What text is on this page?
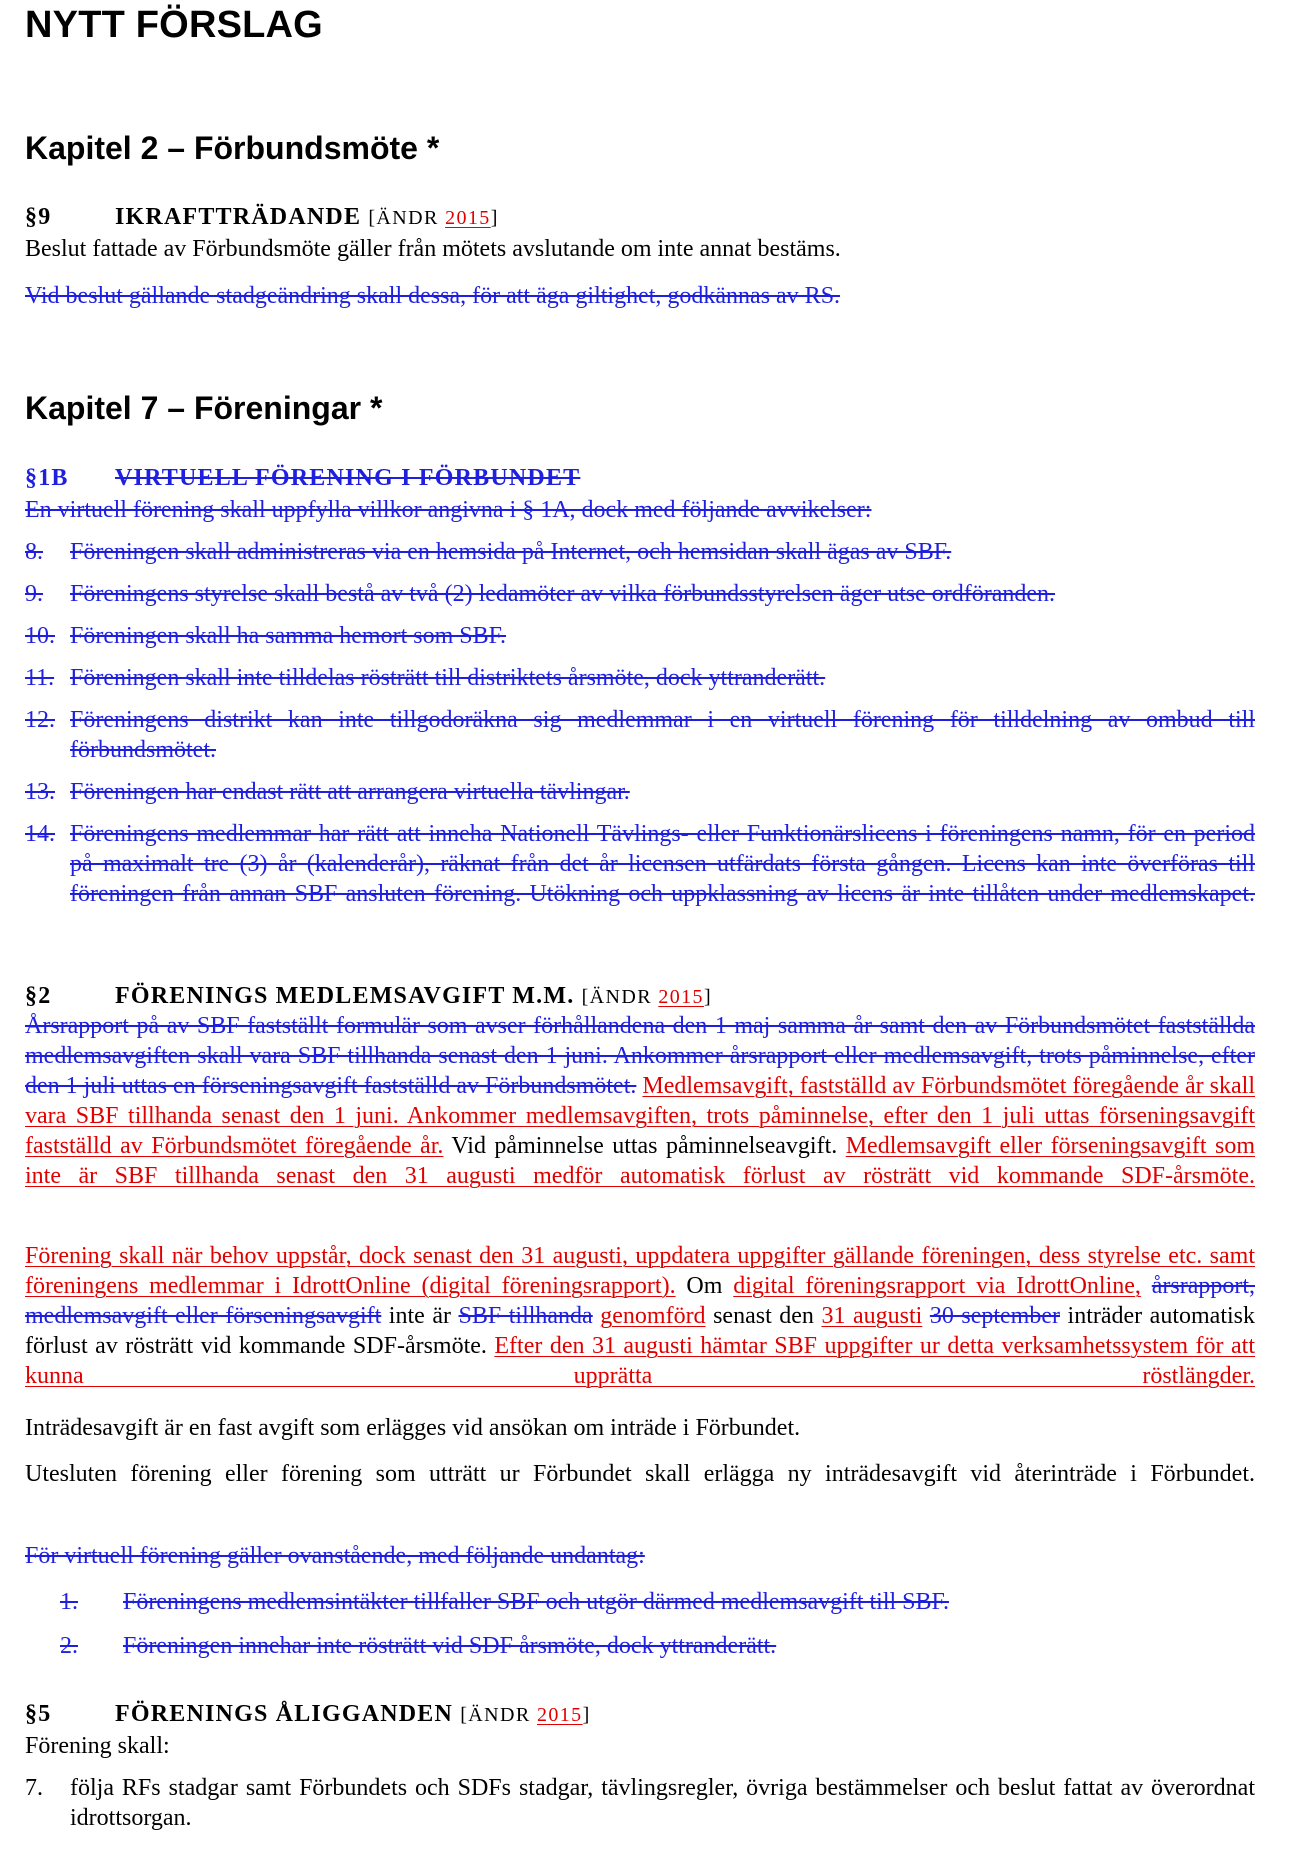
NYTT FÖRSLAG
Kapitel 2 – Förbundsmöte *
§9	IKRAFTTRÄDANDE [ÄNDR 2015]
Beslut fattade av Förbundsmöte gäller från mötets avslutande om inte annat bestäms.
Vid beslut gällande stadgeändring skall dessa, för att äga giltighet, godkännas av RS.
Kapitel 7 – Föreningar *
§1B VIRTUELL FÖRENING I FÖRBUNDET
En virtuell förening skall uppfylla villkor angivna i § 1A, dock med följande avvikelser:
8. Föreningen skall administreras via en hemsida på Internet, och hemsidan skall ägas av SBF.
9. Föreningens styrelse skall bestå av två (2) ledamöter av vilka förbundsstyrelsen äger utse ordföranden.
10. Föreningen skall ha samma hemort som SBF.
11. Föreningen skall inte tilldelas rösträtt till distriktets årsmöte, dock yttranderätt.
12. Föreningens distrikt kan inte tillgodoräkna sig medlemmar i en virtuell förening för tilldelning av ombud till förbundsmötet.
13. Föreningen har endast rätt att arrangera virtuella tävlingar.
14. Föreningens medlemmar har rätt att inneha Nationell Tävlings- eller Funktionärslicens i föreningens namn, för en period på maximalt tre (3) år (kalenderår), räknat från det år licensen utfärdats första gången. Licens kan inte överföras till föreningen från annan SBF ansluten förening. Utökning och uppklassning av licens är inte tillåten under medlemskapet.
§2	FÖRENINGS MEDLEMSAVGIFT M.M. [ÄNDR 2015]
Årsrapport på av SBF fastställt formulär som avser förhållandena den 1 maj samma år samt den av Förbundsmötet fastställda medlemsavgiften skall vara SBF tillhanda senast den 1 juni. Ankommer årsrapport eller medlemsavgift, trots påminnelse, efter den 1 juli uttas en förseningsavgift fastställd av Förbundsmötet. Medlemsavgift, fastställd av Förbundsmötet föregående år skall vara SBF tillhanda senast den 1 juni. Ankommer medlemsavgiften, trots påminnelse, efter den 1 juli uttas förseningsavgift fastställd av Förbundsmötet föregående år. Vid påminnelse uttas påminnelseavgift. Medlemsavgift eller förseningsavgift som inte är SBF tillhanda senast den 31 augusti medför automatisk förlust av rösträtt vid kommande SDF-årsmöte.
Förening skall när behov uppstår, dock senast den 31 augusti, uppdatera uppgifter gällande föreningen, dess styrelse etc. samt föreningens medlemmar i IdrottOnline (digital föreningsrapport). Om digital föreningsrapport via IdrottOnline, årsrapport, medlemsavgift eller förseningsavgift inte är SBF tillhanda genomförd senast den 31 augusti 30 september inträder automatisk förlust av rösträtt vid kommande SDF-årsmöte. Efter den 31 augusti hämtar SBF uppgifter ur detta verksamhetssystem för att kunna upprätta röstlängder.
Inträdesavgift är en fast avgift som erlägges vid ansökan om inträde i Förbundet.
Utesluten förening eller förening som utträtt ur Förbundet skall erlägga ny inträdesavgift vid återinträde i Förbundet.
För virtuell förening gäller ovanstående, med följande undantag:
1. Föreningens medlemsintäkter tillfaller SBF och utgör därmed medlemsavgift till SBF.
2. Föreningen innehar inte rösträtt vid SDF årsmöte, dock yttranderätt.
§5	FÖRENINGS ÅLIGGANDEN [ÄNDR 2015]
Förening skall:
7. följa RFs stadgar samt Förbundets och SDFs stadgar, tävlingsregler, övriga bestämmelser och beslut fattat av överordnat idrottsorgan.
